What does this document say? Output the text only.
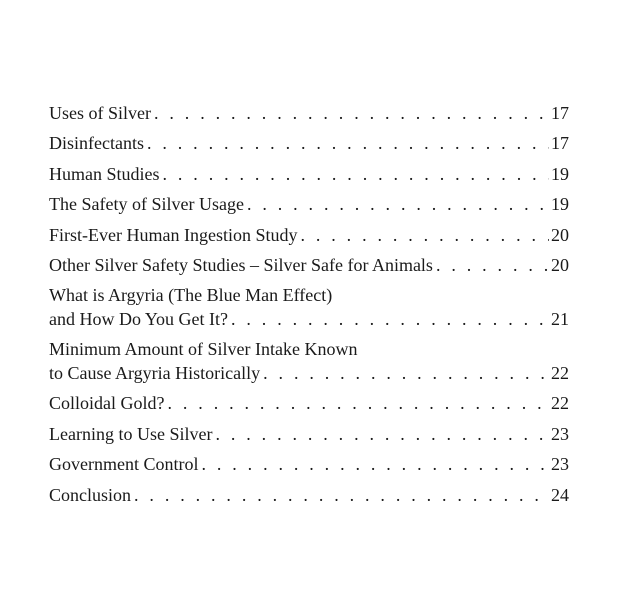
Uses of Silver . . .	17
Disinfectants . . .	17
Human Studies . . .	19
The Safety of Silver Usage . . .	19
First-Ever Human Ingestion Study . . .	20
Other Silver Safety Studies – Silver Safe for Animals . . .	20
What is Argyria (The Blue Man Effect)
and How Do You Get It? . . .	21
Minimum Amount of Silver Intake Known
to Cause Argyria Historically . . .	22
Colloidal Gold? . . .	22
Learning to Use Silver . . .	23
Government Control . . .	23
Conclusion . . .	24
